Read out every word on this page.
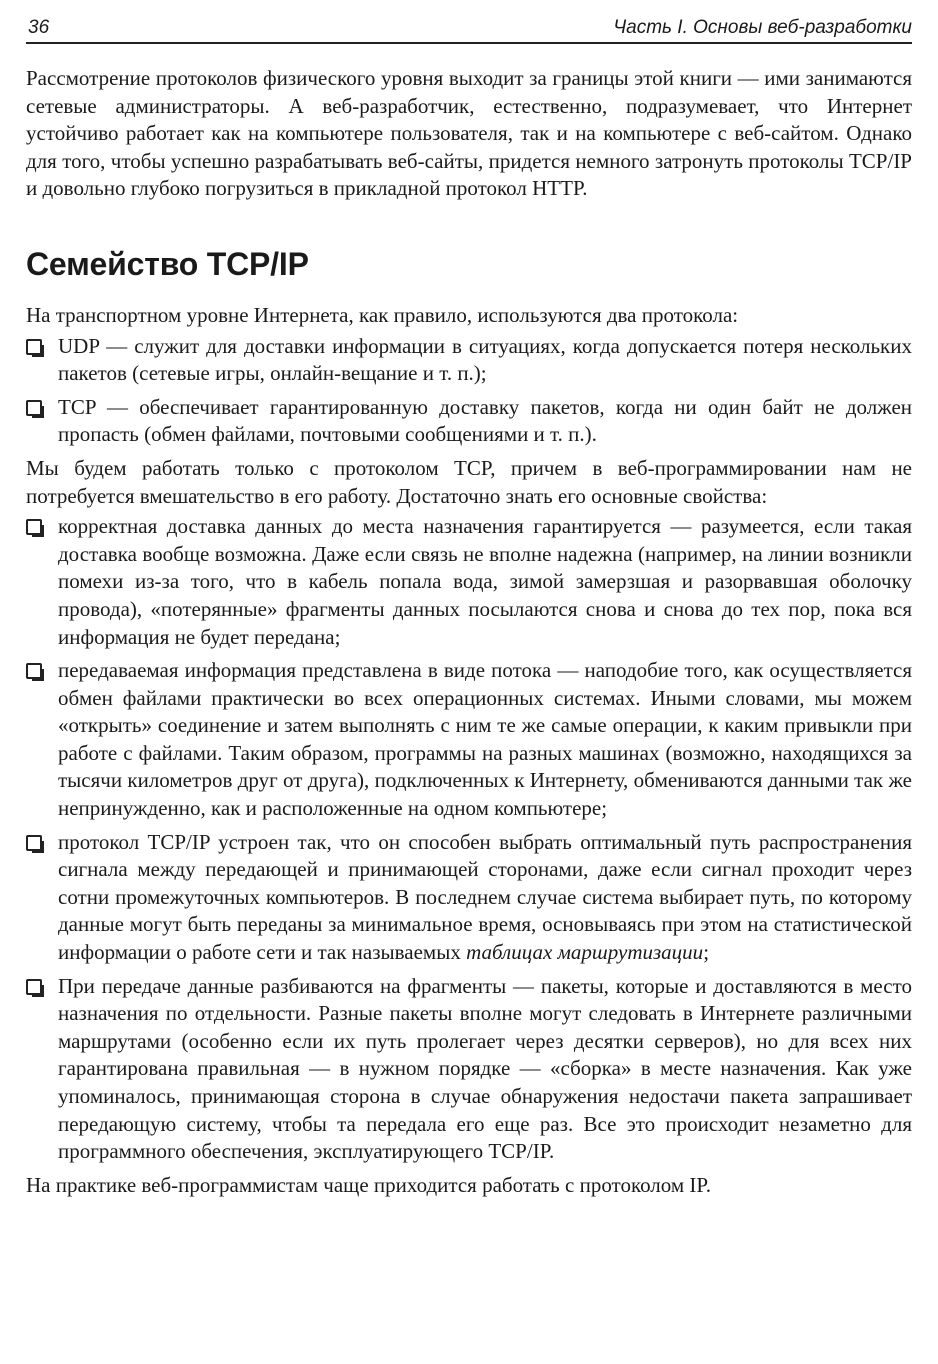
36	Часть I. Основы веб-разработки

Рассмотрение протоколов физического уровня выходит за границы этой книги — ими занимаются сетевые администраторы. А веб-разработчик, естественно, подразумевает, что Интернет устойчиво работает как на компьютере пользователя, так и на компьютере с веб-сайтом. Однако для того, чтобы успешно разрабатывать веб-сайты, придется немного затронуть протоколы TCP/IP и довольно глубоко погрузиться в прикладной протокол HTTP.

Семейство TCP/IP

На транспортном уровне Интернета, как правило, используются два протокола:

UDP — служит для доставки информации в ситуациях, когда допускается потеря нескольких пакетов (сетевые игры, онлайн-вещание и т. п.);
TCP — обеспечивает гарантированную доставку пакетов, когда ни один байт не должен пропасть (обмен файлами, почтовыми сообщениями и т. п.).

Мы будем работать только с протоколом TCP, причем в веб-программировании нам не потребуется вмешательство в его работу. Достаточно знать его основные свойства:

корректная доставка данных до места назначения гарантируется — разумеется, если такая доставка вообще возможна. Даже если связь не вполне надежна (например, на линии возникли помехи из-за того, что в кабель попала вода, зимой замерзшая и разорвавшая оболочку провода), «потерянные» фрагменты данных посылаются снова и снова до тех пор, пока вся информация не будет передана;
передаваемая информация представлена в виде потока — наподобие того, как осуществляется обмен файлами практически во всех операционных системах. Иными словами, мы можем «открыть» соединение и затем выполнять с ним те же самые операции, к каким привыкли при работе с файлами. Таким образом, программы на разных машинах (возможно, находящихся за тысячи километров друг от друга), подключенных к Интернету, обмениваются данными так же непринужденно, как и расположенные на одном компьютере;
протокол TCP/IP устроен так, что он способен выбрать оптимальный путь распространения сигнала между передающей и принимающей сторонами, даже если сигнал проходит через сотни промежуточных компьютеров. В последнем случае система выбирает путь, по которому данные могут быть переданы за минимальное время, основываясь при этом на статистической информации о работе сети и так называемых таблицах маршрутизации;
При передаче данные разбиваются на фрагменты — пакеты, которые и доставляются в место назначения по отдельности. Разные пакеты вполне могут следовать в Интернете различными маршрутами (особенно если их путь пролегает через десятки серверов), но для всех них гарантирована правильная — в нужном порядке — «сборка» в месте назначения. Как уже упоминалось, принимающая сторона в случае обнаружения недостачи пакета запрашивает передающую систему, чтобы та передала его еще раз. Все это происходит незаметно для программного обеспечения, эксплуатирующего TCP/IP.

На практике веб-программистам чаще приходится работать с протоколом IP.
